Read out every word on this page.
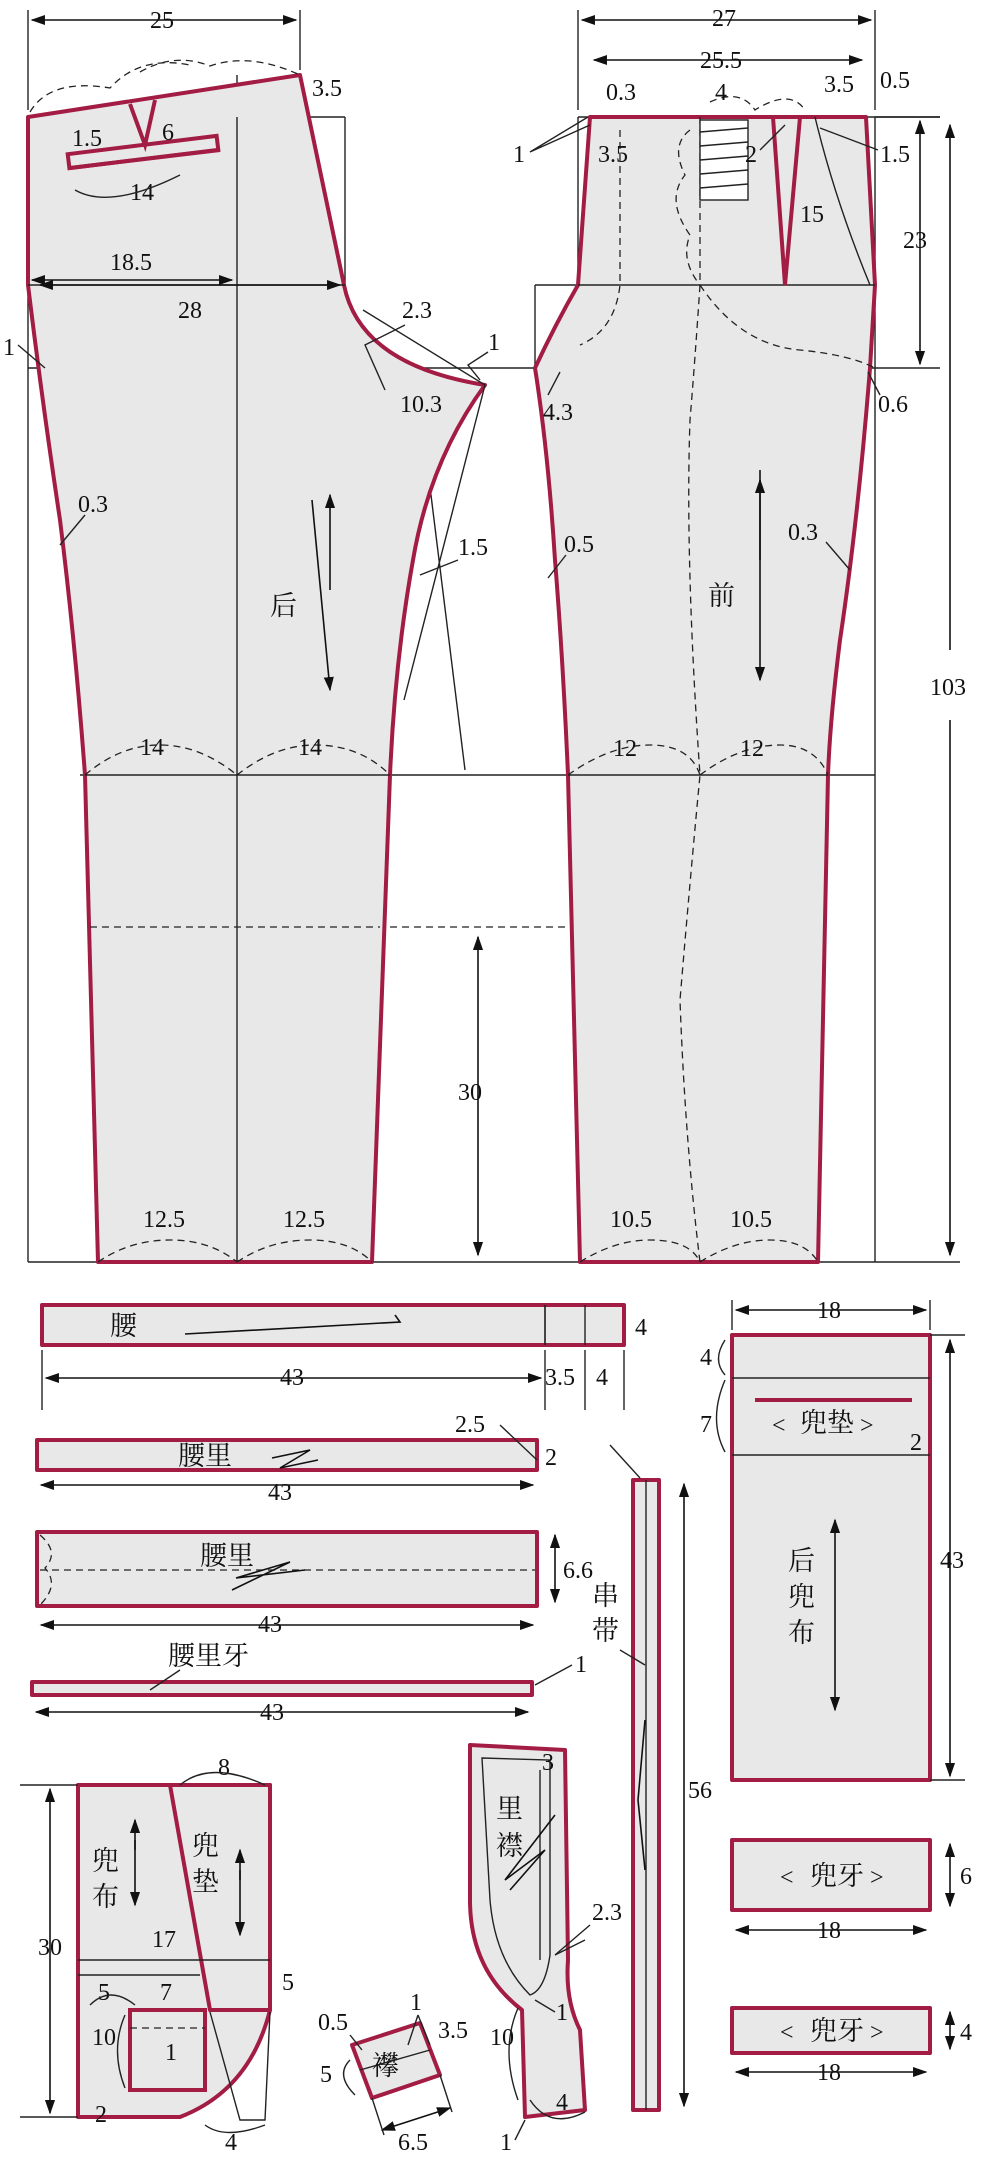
后
25
3.5
1.5	6
14
18.5
28
1
2.3
10.3
1
0.3
1.5
14	14
12.5	12.5
30
前
27
25.5
0.3
1	3.5
4
2
3.5 0.5
1.5
15
23
0.6
4.3
0.5	0.3
12	12
10.5	10.5
103
腰
43	3.5 4
4
腰里
43
2.5
2
腰里
43
6.6
腰里牙
43
1
串
带
56
18
4
7
2
兜垫
<	>
后
兜
布
43
兜牙
<	>
18
6
兜牙
<	>
18
4
30
8
17
5 7
10
1
2
4
5
兜
布
兜
垫
襻
1
3.5
0.5
5
6.5
里
襟
3
2.3
1
10
4
1
